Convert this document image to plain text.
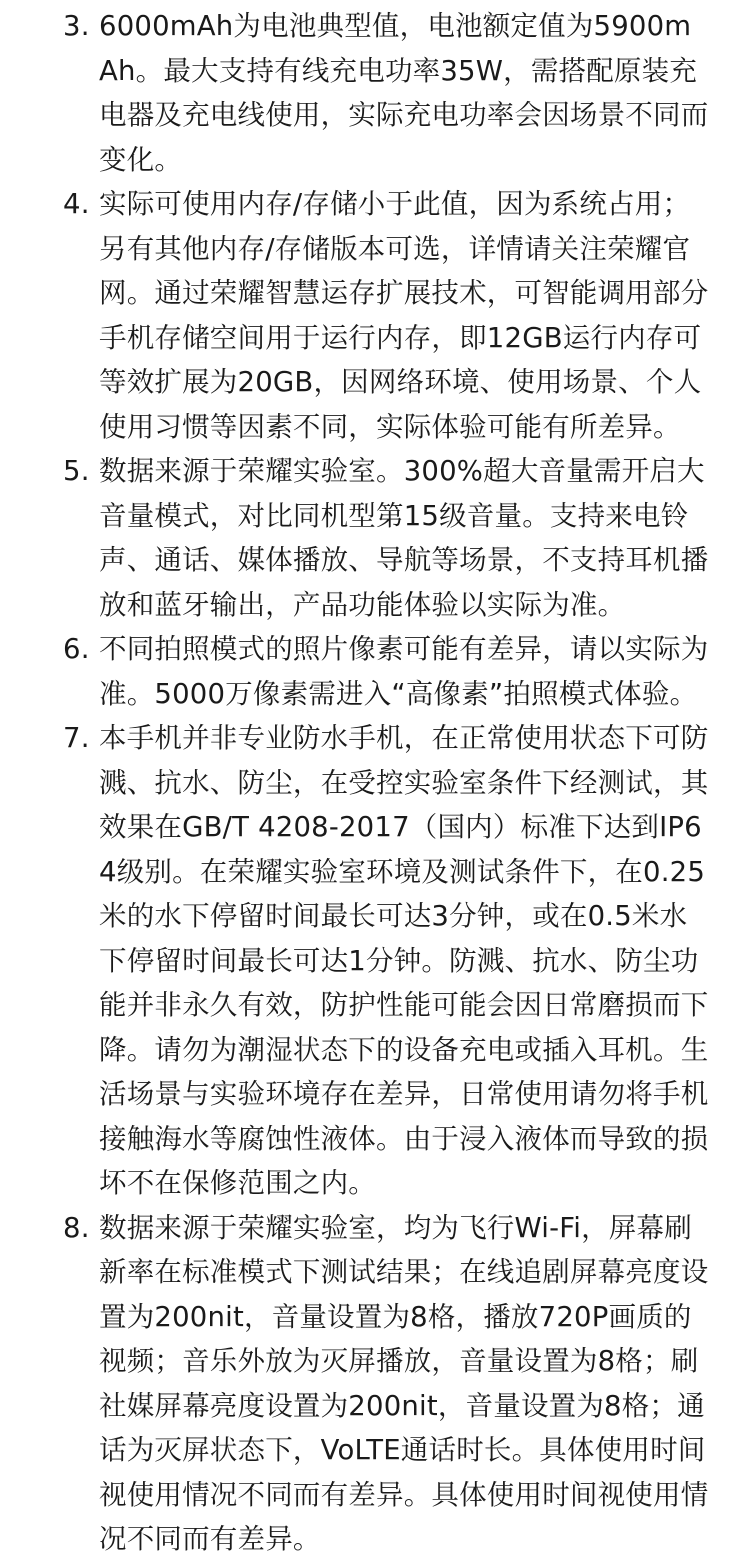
3. 6000mAh为电池典型值，电池额定值为5900mAh。最大支持有线充电功率35W，需搭配原装充电器及充电线使用，实际充电功率会因场景不同而变化。
4. 实际可使用内存/存储小于此值，因为系统占用；另有其他内存/存储版本可选，详情请关注荣耀官网。通过荣耀智慧运存扩展技术，可智能调用部分手机存储空间用于运行内存，即12GB运行内存可等效扩展为20GB，因网络环境、使用场景、个人使用习惯等因素不同，实际体验可能有所差异。
5. 数据来源于荣耀实验室。300%超大音量需开启大音量模式，对比同机型第15级音量。支持来电铃声、通话、媒体播放、导航等场景，不支持耳机播放和蓝牙输出，产品功能体验以实际为准。
6. 不同拍照模式的照片像素可能有差异，请以实际为准。5000万像素需进入“高像素”拍照模式体验。
7. 本手机并非专业防水手机，在正常使用状态下可防溅、抗水、防尘，在受控实验室条件下经测试，其效果在GB/T 4208-2017（国内）标准下达到IP64级别。在荣耀实验室环境及测试条件下，在0.25米的水下停留时间最长可达3分钟，或在0.5米水下停留时间最长可达1分钟。防溅、抗水、防尘功能并非永久有效，防护性能可能会因日常磨损而下降。请勿为潮湿状态下的设备充电或插入耳机。生活场景与实验环境存在差异，日常使用请勿将手机接触海水等腐蚀性液体。由于浸入液体而导致的损坏不在保修范围之内。
8. 数据来源于荣耀实验室，均为飞行Wi-Fi，屏幕刷新率在标准模式下测试结果；在线追剧屏幕亮度设置为200nit，音量设置为8格，播放720P画质的视频；音乐外放为灭屏播放，音量设置为8格；刷社媒屏幕亮度设置为200nit，音量设置为8格；通话为灭屏状态下，VoLTE通话时长。具体使用时间视使用情况不同而有差异。具体使用时间视使用情况不同而有差异。
